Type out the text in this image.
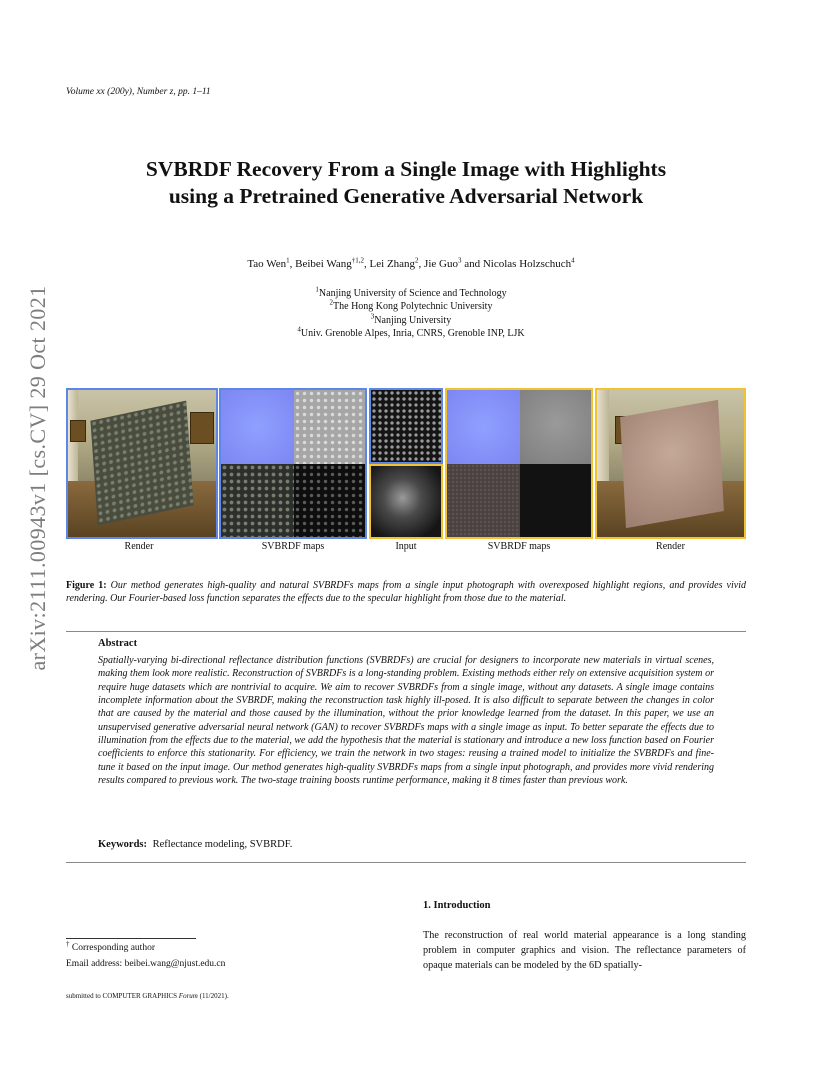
Volume xx (200y), Number z, pp. 1–11
arXiv:2111.00943v1 [cs.CV] 29 Oct 2021
SVBRDF Recovery From a Single Image with Highlights
using a Pretrained Generative Adversarial Network
Tao Wen$^1$, Beibei Wang$^{\dagger 1,2}$, Lei Zhang$^2$, Jie Guo$^3$ and Nicolas Holzschuch$^4$
$^1$Nanjing University of Science and Technology
$^2$The Hong Kong Polytechnic University
$^3$Nanjing University
$^4$Univ. Grenoble Alpes, Inria, CNRS, Grenoble INP, LJK
Render	SVBRDF maps	Input	SVBRDF maps	Render
Figure 1: Our method generates high-quality and natural SVBRDFs maps from a single input photograph with overexposed highlight regions, and provides vivid rendering. Our Fourier-based loss function separates the effects due to the specular highlight from those due to the material.
Abstract
Spatially-varying bi-directional reflectance distribution functions (SVBRDFs) are crucial for designers to incorporate new materials in virtual scenes, making them look more realistic. Reconstruction of SVBRDFs is a long-standing problem. Existing methods either rely on extensive acquisition system or require huge datasets which are nontrivial to acquire. We aim to recover SVBRDFs from a single image, without any datasets. A single image contains incomplete information about the SVBRDF, making the reconstruction task highly ill-posed. It is also difficult to separate between the changes in color that are caused by the material and those caused by the illumination, without the prior knowledge learned from the dataset. In this paper, we use an unsupervised generative adversarial neural network (GAN) to recover SVBRDFs maps with a single image as input. To better separate the effects due to illumination from the effects due to the material, we add the hypothesis that the material is stationary and introduce a new loss function based on Fourier coefficients to enforce this stationarity. For efficiency, we train the network in two stages: reusing a trained model to initialize the SVBRDFs and fine-tune it based on the input image. Our method generates high-quality SVBRDFs maps from a single input photograph, and provides more vivid rendering results compared to previous work. The two-stage training boosts runtime performance, making it 8 times faster than previous work.
Keywords: Reflectance modeling, SVBRDF.
1. Introduction
The reconstruction of real world material appearance is a long standing problem in computer graphics and vision. The reflectance parameters of opaque materials can be modeled by the 6D spatially-
† Corresponding author
Email address: beibei.wang@njust.edu.cn
submitted to COMPUTER GRAPHICS Forum (11/2021).
